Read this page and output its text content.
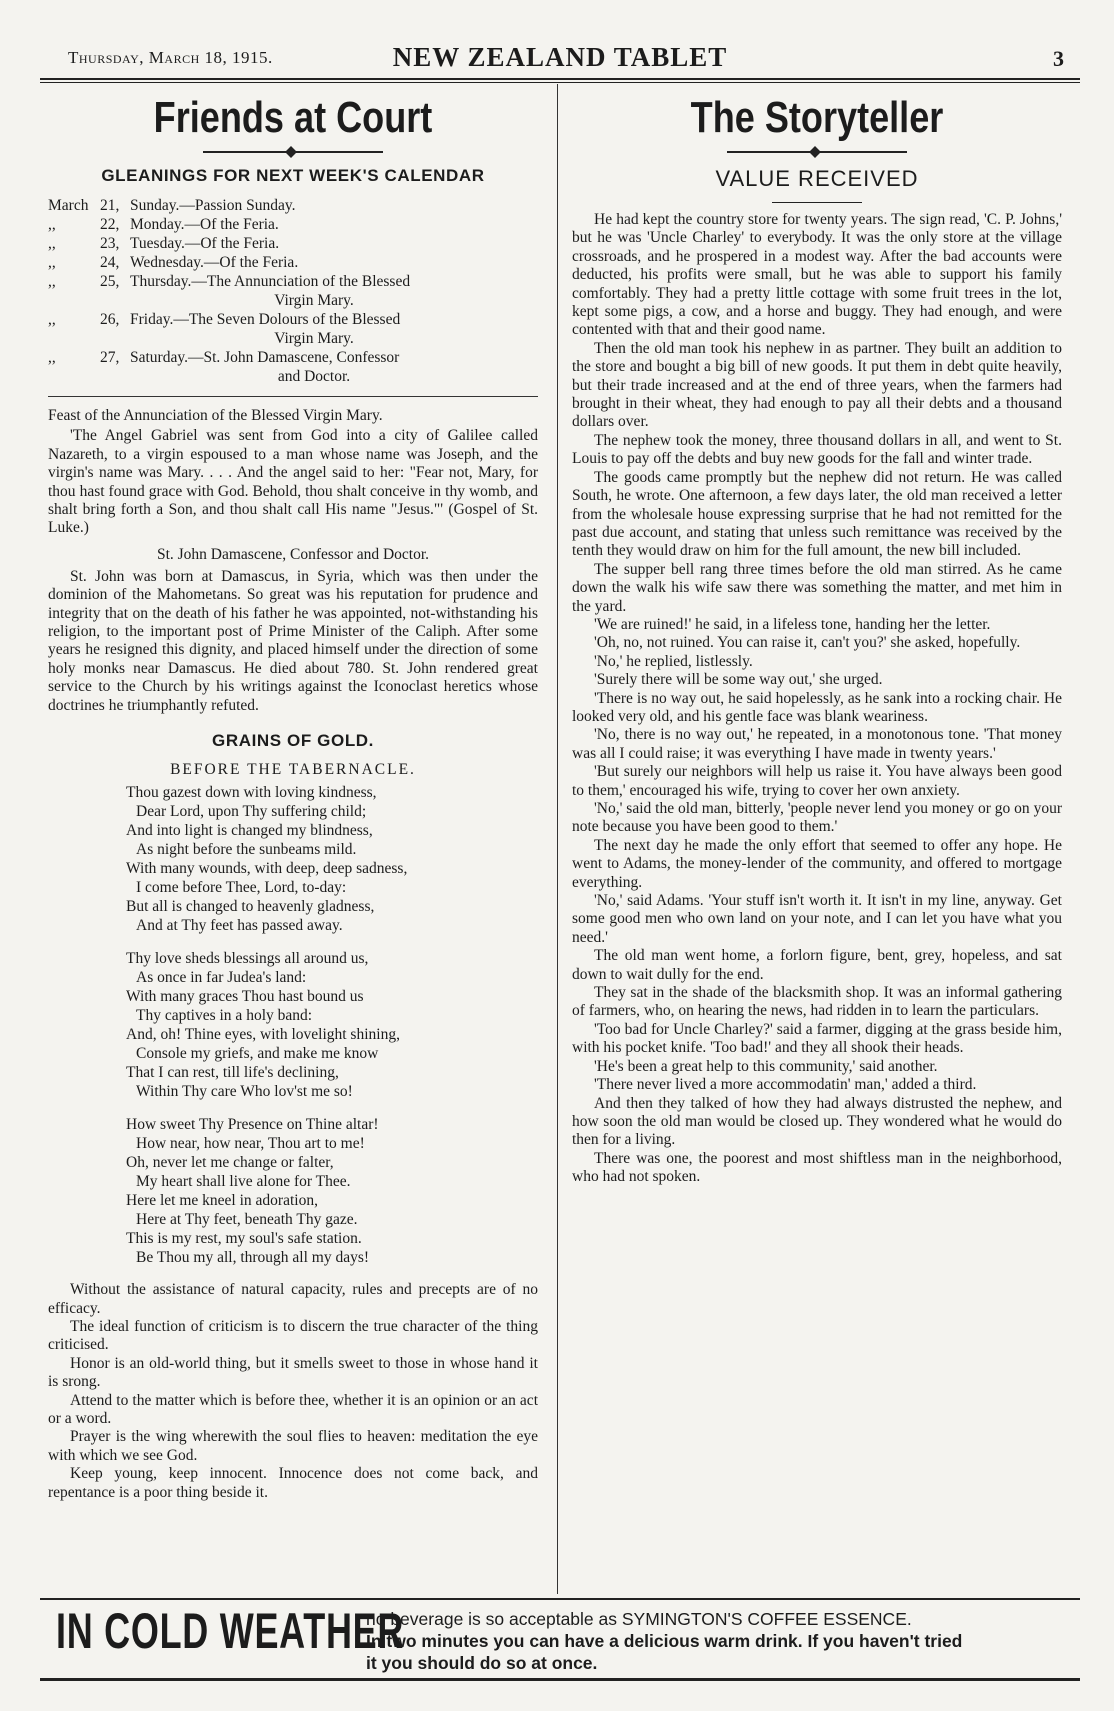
Thursday, March 18, 1915.	NEW ZEALAND TABLET	3
Friends at Court
GLEANINGS FOR NEXT WEEK'S CALENDAR
March 21, Sunday.—Passion Sunday.
,,	22, Monday.—Of the Feria.
,,	23, Tuesday.—Of the Feria.
,,	24, Wednesday.—Of the Feria.
,,	25, Thursday.—The Annunciation of the Blessed
Virgin Mary.
,,	26, Friday.—The Seven Dolours of the Blessed
Virgin Mary.
,,	27, Saturday.—St. John Damascene, Confessor
and Doctor.

Feast of the Annunciation of the Blessed Virgin Mary.

'The Angel Gabriel was sent from God into a city of Galilee called Nazareth, to a virgin espoused to a man whose name was Joseph, and the virgin's name was Mary. . . . And the angel said to her: "Fear not, Mary, for thou hast found grace with God. Behold, thou shalt conceive in thy womb, and shalt bring forth a Son, and thou shalt call His name "Jesus."' (Gospel of St. Luke.)

St. John Damascene, Confessor and Doctor.

St. John was born at Damascus, in Syria, which was then under the dominion of the Mahometans. So great was his reputation for prudence and integrity that on the death of his father he was appointed, not-withstanding his religion, to the important post of Prime Minister of the Caliph. After some years he resigned this dignity, and placed himself under the direction of some holy monks near Damascus. He died about 780. St. John rendered great service to the Church by his writings against the Iconoclast heretics whose doctrines he triumphantly refuted.

GRAINS OF GOLD.
BEFORE THE TABERNACLE.
Thou gazest down with loving kindness,
Dear Lord, upon Thy suffering child;
And into light is changed my blindness,
As night before the sunbeams mild.
With many wounds, with deep, deep sadness,
I come before Thee, Lord, to-day:
But all is changed to heavenly gladness,
And at Thy feet has passed away.
Thy love sheds blessings all around us,
As once in far Judea's land:
With many graces Thou hast bound us
Thy captives in a holy band:
And, oh! Thine eyes, with lovelight shining,
Console my griefs, and make me know
That I can rest, till life's declining,
Within Thy care Who lov'st me so!
How sweet Thy Presence on Thine altar!
How near, how near, Thou art to me!
Oh, never let me change or falter,
My heart shall live alone for Thee.
Here let me kneel in adoration,
Here at Thy feet, beneath Thy gaze.
This is my rest, my soul's safe station.
Be Thou my all, through all my days!

Without the assistance of natural capacity, rules and precepts are of no efficacy.

The ideal function of criticism is to discern the true character of the thing criticised.

Honor is an old-world thing, but it smells sweet to those in whose hand it is srong.

Attend to the matter which is before thee, whether it is an opinion or an act or a word.

Prayer is the wing wherewith the soul flies to heaven: meditation the eye with which we see God.

Keep young, keep innocent. Innocence does not come back, and repentance is a poor thing beside it.

The Storyteller
VALUE RECEIVED

He had kept the country store for twenty years. The sign read, 'C. P. Johns,' but he was 'Uncle Charley' to everybody. It was the only store at the village crossroads, and he prospered in a modest way. After the bad accounts were deducted, his profits were small, but he was able to support his family comfortably. They had a pretty little cottage with some fruit trees in the lot, kept some pigs, a cow, and a horse and buggy. They had enough, and were contented with that and their good name.

Then the old man took his nephew in as partner. They built an addition to the store and bought a big bill of new goods. It put them in debt quite heavily, but their trade increased and at the end of three years, when the farmers had brought in their wheat, they had enough to pay all their debts and a thousand dollars over.

The nephew took the money, three thousand dollars in all, and went to St. Louis to pay off the debts and buy new goods for the fall and winter trade.

The goods came promptly but the nephew did not return. He was called South, he wrote. One afternoon, a few days later, the old man received a letter from the wholesale house expressing surprise that he had not remitted for the past due account, and stating that unless such remittance was received by the tenth they would draw on him for the full amount, the new bill included.

The supper bell rang three times before the old man stirred. As he came down the walk his wife saw there was something the matter, and met him in the yard.

'We are ruined!' he said, in a lifeless tone, handing her the letter.

'Oh, no, not ruined. You can raise it, can't you?' she asked, hopefully.

'No,' he replied, listlessly.

'Surely there will be some way out,' she urged.

'There is no way out, he said hopelessly, as he sank into a rocking chair. He looked very old, and his gentle face was blank weariness.

'No, there is no way out,' he repeated, in a monotonous tone. 'That money was all I could raise; it was everything I have made in twenty years.'

'But surely our neighbors will help us raise it. You have always been good to them,' encouraged his wife, trying to cover her own anxiety.

'No,' said the old man, bitterly, 'people never lend you money or go on your note because you have been good to them.'

The next day he made the only effort that seemed to offer any hope. He went to Adams, the money-lender of the community, and offered to mortgage everything.

'No,' said Adams. 'Your stuff isn't worth it. It isn't in my line, anyway. Get some good men who own land on your note, and I can let you have what you need.'

The old man went home, a forlorn figure, bent, grey, hopeless, and sat down to wait dully for the end.

They sat in the shade of the blacksmith shop. It was an informal gathering of farmers, who, on hearing the news, had ridden in to learn the particulars.

'Too bad for Uncle Charley?' said a farmer, digging at the grass beside him, with his pocket knife. 'Too bad!' and they all shook their heads.

'He's been a great help to this community,' said another.

'There never lived a more accommodatin' man,' added a third.

And then they talked of how they had always distrusted the nephew, and how soon the old man would be closed up. They wondered what he would do then for a living.

There was one, the poorest and most shiftless man in the neighborhood, who had not spoken.

IN COLD WEATHER
no beverage is so acceptable as SYMINGTON'S COFFEE ESSENCE.
In two minutes you can have a delicious warm drink. If you haven't tried
it you should do so at once.
